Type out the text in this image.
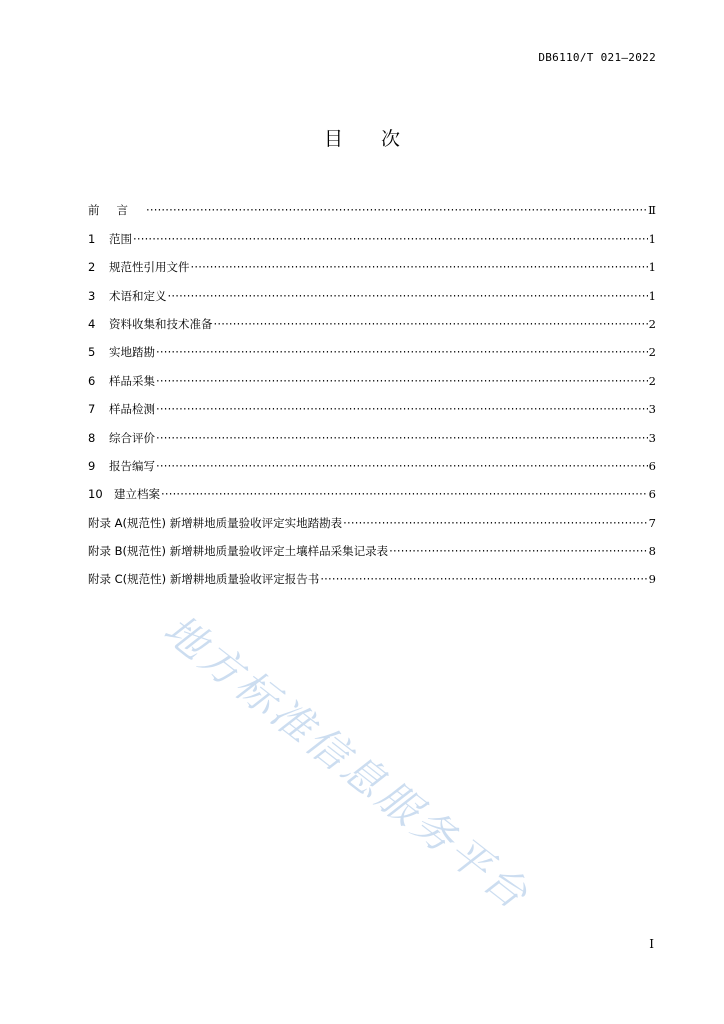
DB6110/T 021—2022
目 次
前言 ·····	Ⅱ
1	范围 ·····	1
2	规范性引用文件 ·····	1
3	术语和定义 ·····	1
4	资料收集和技术准备 ·····	2
5	实地踏勘 ·····	2
6	样品采集 ·····	2
7	样品检测 ·····	3
8	综合评价 ·····	3
9	报告编写 ·····	6
10 建立档案 ·····	6
附录 A(规范性) 新增耕地质量验收评定实地踏勘表 ·····	7
附录 B(规范性) 新增耕地质量验收评定土壤样品采集记录表 ·····	8
附录 C(规范性) 新增耕地质量验收评定报告书 ·····	9
地方标准信息服务平台
I
